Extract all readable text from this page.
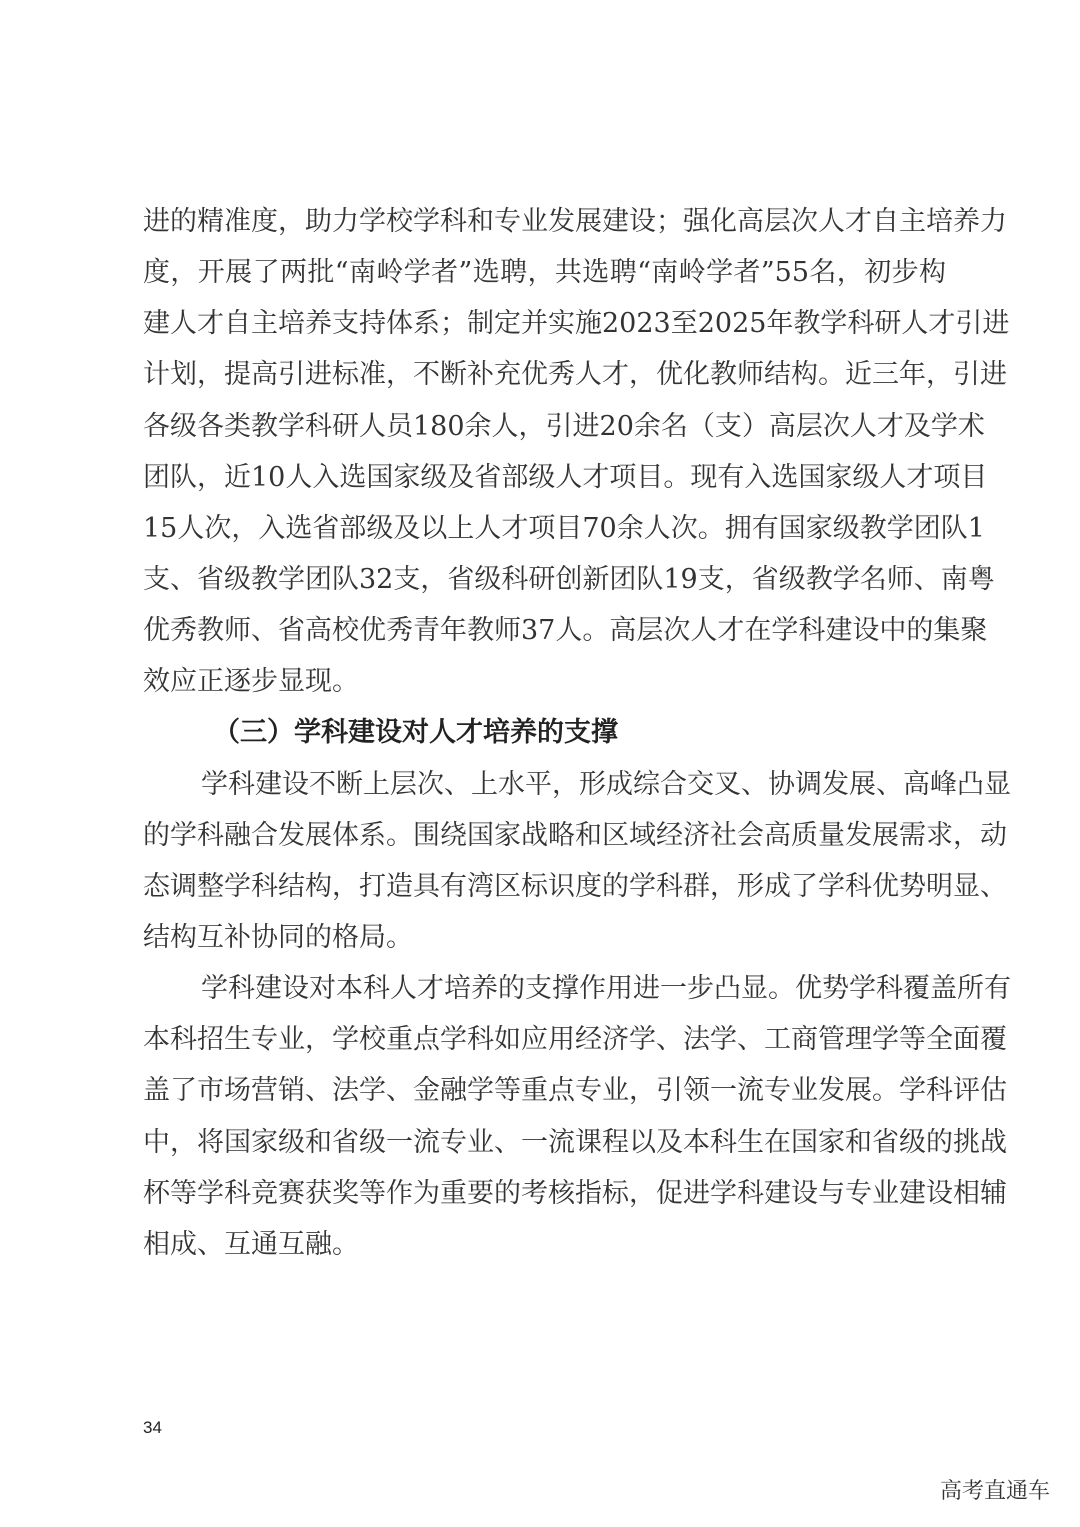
进的精准度，助力学校学科和专业发展建设；强化高层次人才自主培养力
度，开展了两批“南岭学者”选聘，共选聘“南岭学者”55名，初步构
建人才自主培养支持体系；制定并实施2023至2025年教学科研人才引进
计划，提高引进标准，不断补充优秀人才，优化教师结构。近三年，引进
各级各类教学科研人员180余人，引进20余名（支）高层次人才及学术
团队，近10人入选国家级及省部级人才项目。现有入选国家级人才项目
15人次，入选省部级及以上人才项目70余人次。拥有国家级教学团队1
支、省级教学团队32支，省级科研创新团队19支，省级教学名师、南粤
优秀教师、省高校优秀青年教师37人。高层次人才在学科建设中的集聚
效应正逐步显现。
（三）学科建设对人才培养的支撑
学科建设不断上层次、上水平，形成综合交叉、协调发展、高峰凸显
的学科融合发展体系。围绕国家战略和区域经济社会高质量发展需求，动
态调整学科结构，打造具有湾区标识度的学科群，形成了学科优势明显、
结构互补协同的格局。
学科建设对本科人才培养的支撑作用进一步凸显。优势学科覆盖所有
本科招生专业，学校重点学科如应用经济学、法学、工商管理学等全面覆
盖了市场营销、法学、金融学等重点专业，引领一流专业发展。学科评估
中，将国家级和省级一流专业、一流课程以及本科生在国家和省级的挑战
杯等学科竞赛获奖等作为重要的考核指标，促进学科建设与专业建设相辅
相成、互通互融。
34
高考直通车
